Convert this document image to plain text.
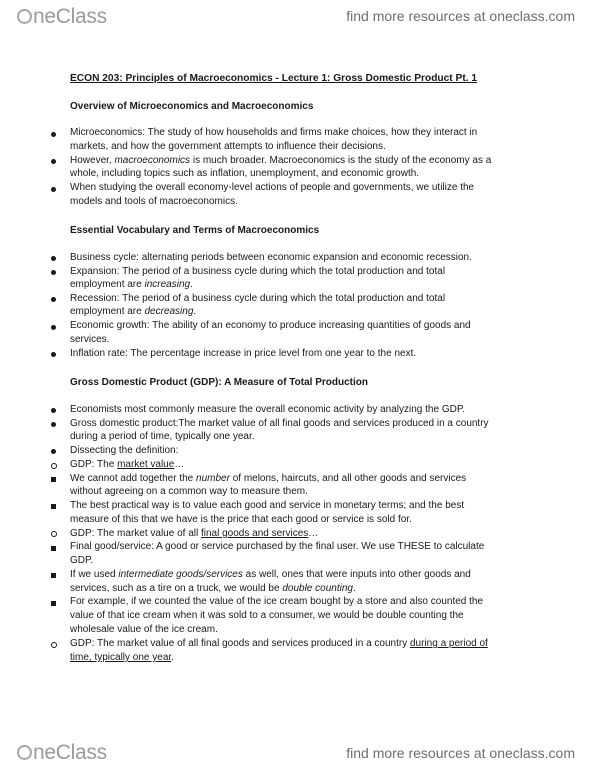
neClass	find more resources at oneclass.com
ECON 203: Principles of Macroeconomics - Lecture 1: Gross Domestic Product Pt. 1
Overview of Microeconomics and Macroeconomics
Microeconomics: The study of how households and firms make choices, how they interact in
markets, and how the government attempts to influence their decisions.
However, macroeconomics is much broader. Macroeconomics is the study of the economy as a
whole, including topics such as inflation, unemployment, and economic growth.
When studying the overall economy-level actions of people and governments, we utilize the
models and tools of macroeconomics.
Essential Vocabulary and Terms of Macroeconomics
Business cycle: alternating periods between economic expansion and economic recession.
Expansion: The period of a business cycle during which the total production and total
employment are increasing.
Recession: The period of a business cycle during which the total production and total
employment are decreasing.
Economic growth: The ability of an economy to produce increasing quantities of goods and
services.
Inflation rate: The percentage increase in price level from one year to the next.
Gross Domestic Product (GDP): A Measure of Total Production
Economists most commonly measure the overall economic activity by analyzing the GDP.
Gross domestic product:The market value of all final goods and services produced in a country
during a period of time, typically one year.
Dissecting the definition:
GDP: The market value…
We cannot add together the number of melons, haircuts, and all other goods and services
without agreeing on a common way to measure them.
The best practical way is to value each good and service in monetary terms; and the best
measure of this that we have is the price that each good or service is sold for.
GDP: The market value of all final goods and services…
Final good/service: A good or service purchased by the final user. We use THESE to calculate
GDP.
If we used intermediate goods/services as well, ones that were inputs into other goods and
services, such as a tire on a truck, we would be double counting.
For example, if we counted the value of the ice cream bought by a store and also counted the
value of that ice cream when it was sold to a consumer, we would be double counting the
wholesale value of the ice cream.
GDP: The market value of all final goods and services produced in a country during a period of
time, typically one year.
neClass	find more resources at oneclass.com
